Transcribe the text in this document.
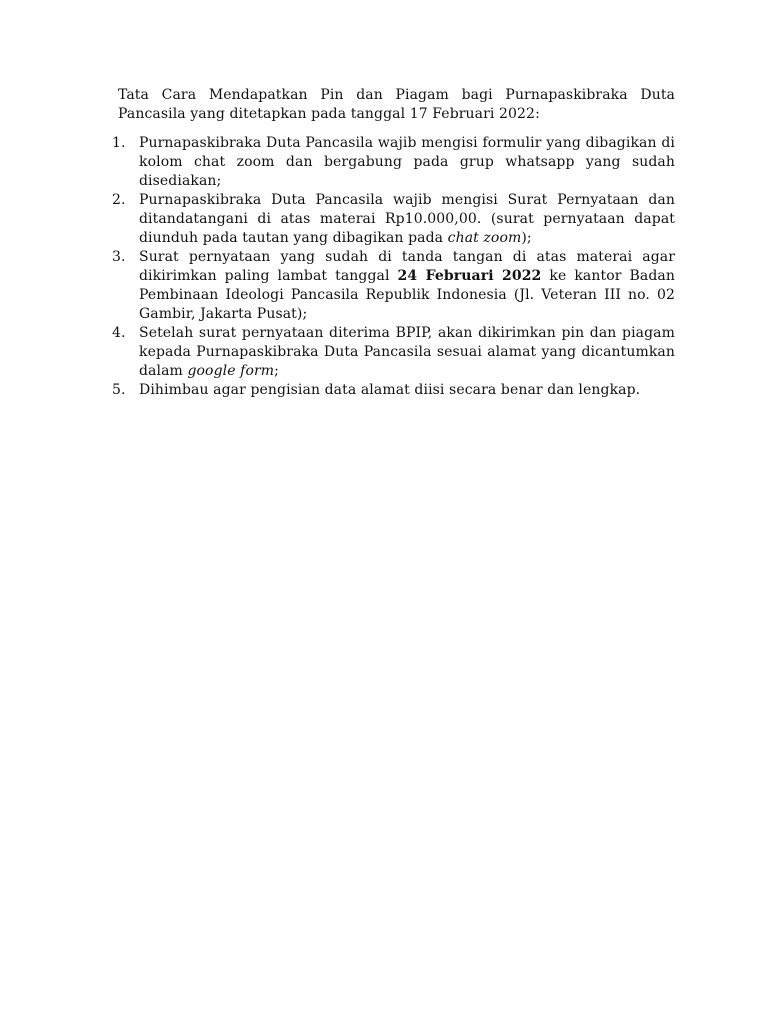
Tata Cara Mendapatkan Pin dan Piagam bagi Purnapaskibraka Duta Pancasila yang ditetapkan pada tanggal 17 Februari 2022:

1. Purnapaskibraka Duta Pancasila wajib mengisi formulir yang dibagikan di kolom chat zoom dan bergabung pada grup whatsapp yang sudah disediakan;
2. Purnapaskibraka Duta Pancasila wajib mengisi Surat Pernyataan dan ditandatangani di atas materai Rp10.000,00. (surat pernyataan dapat diunduh pada tautan yang dibagikan pada chat zoom);
3. Surat pernyataan yang sudah di tanda tangan di atas materai agar dikirimkan paling lambat tanggal 24 Februari 2022 ke kantor Badan Pembinaan Ideologi Pancasila Republik Indonesia (Jl. Veteran III no. 02 Gambir, Jakarta Pusat);
4. Setelah surat pernyataan diterima BPIP, akan dikirimkan pin dan piagam kepada Purnapaskibraka Duta Pancasila sesuai alamat yang dicantumkan dalam google form;
5. Dihimbau agar pengisian data alamat diisi secara benar dan lengkap.
